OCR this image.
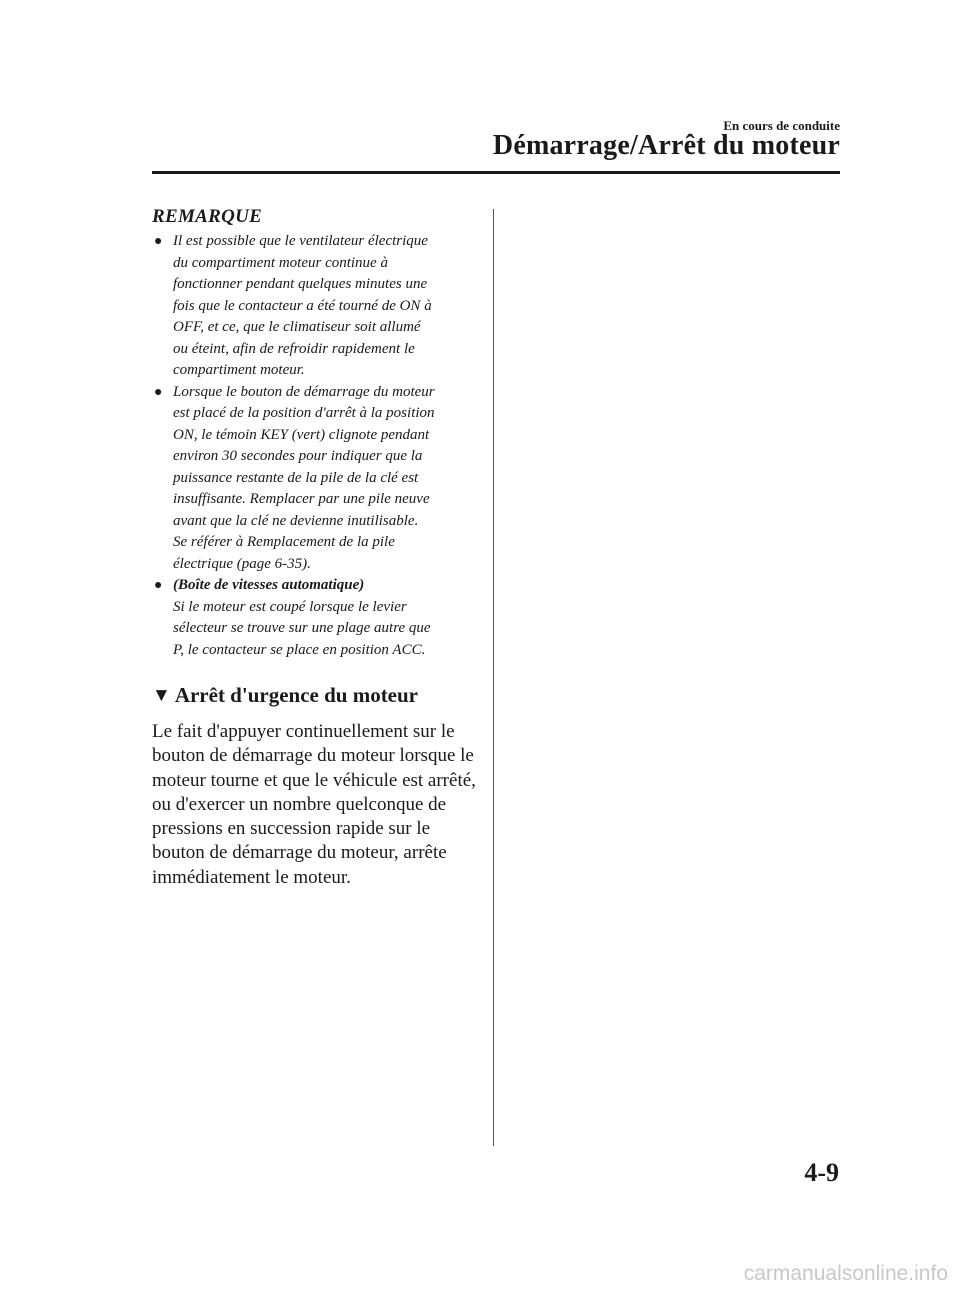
En cours de conduite
Démarrage/Arrêt du moteur
REMARQUE
● Il est possible que le ventilateur électrique
du compartiment moteur continue à
fonctionner pendant quelques minutes une
fois que le contacteur a été tourné de ON à
OFF, et ce, que le climatiseur soit allumé
ou éteint, afin de refroidir rapidement le
compartiment moteur.
● Lorsque le bouton de démarrage du moteur
est placé de la position d'arrêt à la position
ON, le témoin KEY (vert) clignote pendant
environ 30 secondes pour indiquer que la
puissance restante de la pile de la clé est
insuffisante. Remplacer par une pile neuve
avant que la clé ne devienne inutilisable.
Se référer à Remplacement de la pile
électrique (page 6-35).
● (Boîte de vitesses automatique)
Si le moteur est coupé lorsque le levier
sélecteur se trouve sur une plage autre que
P, le contacteur se place en position ACC.
▼ Arrêt d'urgence du moteur

Le fait d'appuyer continuellement sur le
bouton de démarrage du moteur lorsque le
moteur tourne et que le véhicule est arrêté,
ou d'exercer un nombre quelconque de
pressions en succession rapide sur le
bouton de démarrage du moteur, arrête
immédiatement le moteur.

4-9
carmanualsonline.info
